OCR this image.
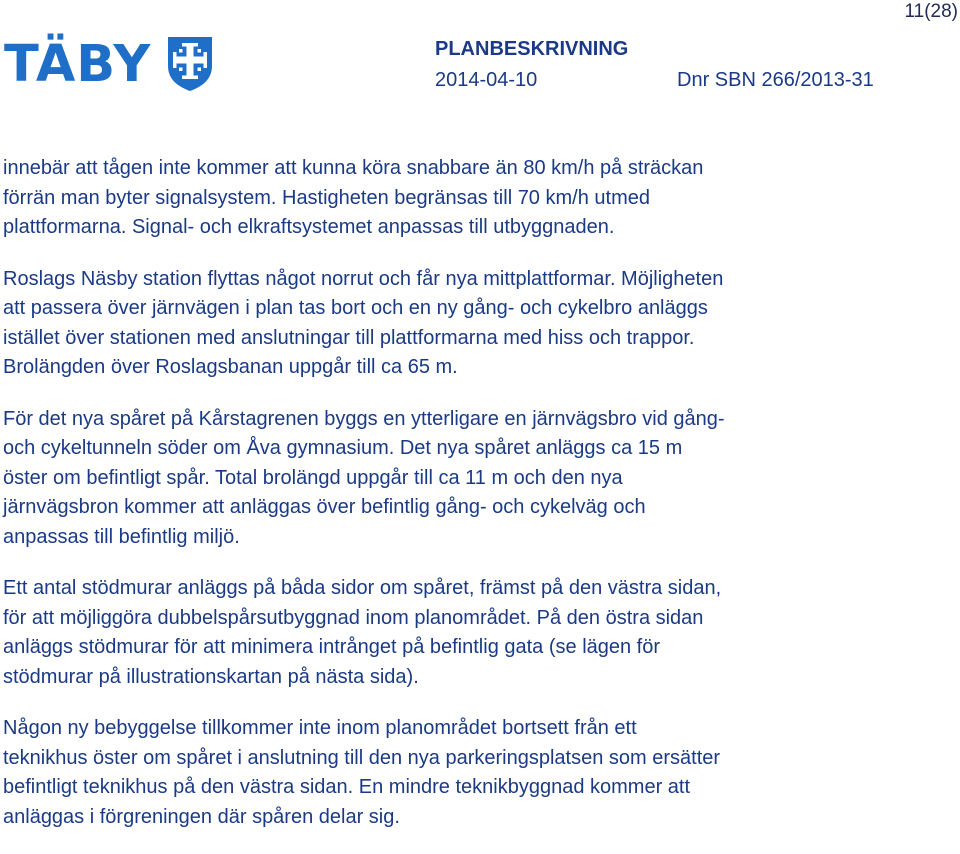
11(28)
TÄBY	PLANBESKRIVNING
2014-04-10	Dnr SBN 266/2013-31

innebär att tågen inte kommer att kunna köra snabbare än 80 km/h på sträckan
förrän man byter signalsystem. Hastigheten begränsas till 70 km/h utmed
plattformarna. Signal- och elkraftsystemet anpassas till utbyggnaden.

Roslags Näsby station flyttas något norrut och får nya mittplattformar. Möjligheten
att passera över järnvägen i plan tas bort och en ny gång- och cykelbro anläggs
istället över stationen med anslutningar till plattformarna med hiss och trappor.
Brolängden över Roslagsbanan uppgår till ca 65 m.

För det nya spåret på Kårstagrenen byggs en ytterligare en järnvägsbro vid gång-
och cykeltunneln söder om Åva gymnasium. Det nya spåret anläggs ca 15 m
öster om befintligt spår. Total brolängd uppgår till ca 11 m och den nya
järnvägsbron kommer att anläggas över befintlig gång- och cykelväg och
anpassas till befintlig miljö.

Ett antal stödmurar anläggs på båda sidor om spåret, främst på den västra sidan,
för att möjliggöra dubbelspårsutbyggnad inom planområdet. På den östra sidan
anläggs stödmurar för att minimera intrånget på befintlig gata (se lägen för
stödmurar på illustrationskartan på nästa sida).

Någon ny bebyggelse tillkommer inte inom planområdet bortsett från ett
teknikhus öster om spåret i anslutning till den nya parkeringsplatsen som ersätter
befintligt teknikhus på den västra sidan. En mindre teknikbyggnad kommer att
anläggas i förgreningen där spåren delar sig.
